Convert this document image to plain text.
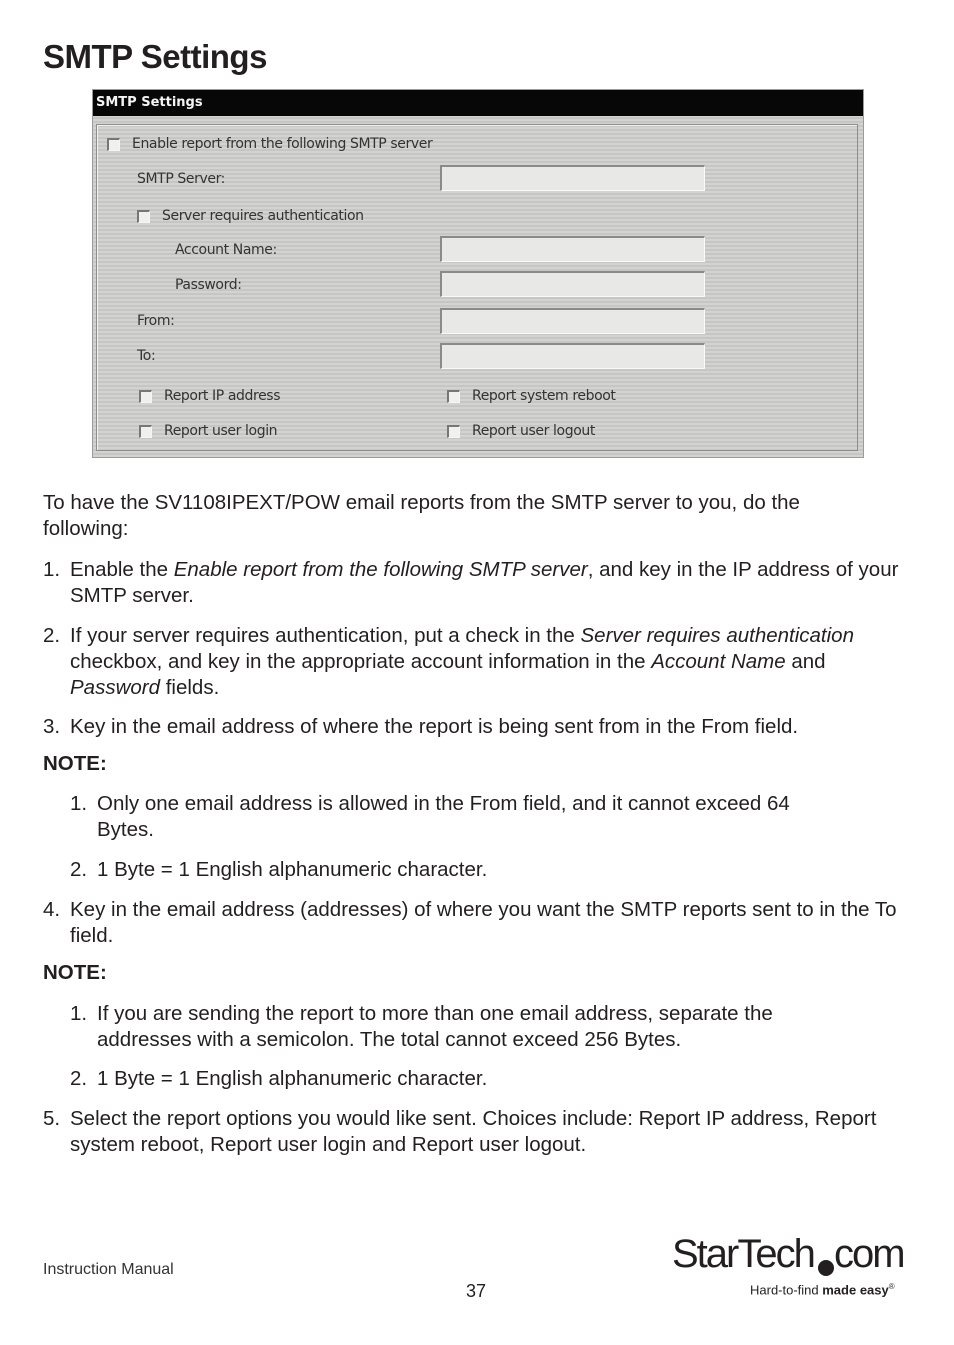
SMTP Settings
SMTP Settings
Enable report from the following SMTP server
SMTP Server:
Server requires authentication
Account Name:
Password:
From:
To:
Report IP address	Report system reboot
Report user login	Report user logout
To have the SV1108IPEXT/POW email reports from the SMTP server to you, do the following:
1. Enable the Enable report from the following SMTP server, and key in the IP address of your SMTP server.
2. If your server requires authentication, put a check in the Server requires authentication checkbox, and key in the appropriate account information in the Account Name and Password fields.
3. Key in the email address of where the report is being sent from in the From field.
NOTE:
1. Only one email address is allowed in the From field, and it cannot exceed 64 Bytes.
2. 1 Byte = 1 English alphanumeric character.
4. Key in the email address (addresses) of where you want the SMTP reports sent to in the To field.
NOTE:
1. If you are sending the report to more than one email address, separate the addresses with a semicolon. The total cannot exceed 256 Bytes.
2. 1 Byte = 1 English alphanumeric character.
5. Select the report options you would like sent. Choices include: Report IP address, Report system reboot, Report user login and Report user logout.
Instruction Manual
37
StarTech com
Hard-to-find made easy®
